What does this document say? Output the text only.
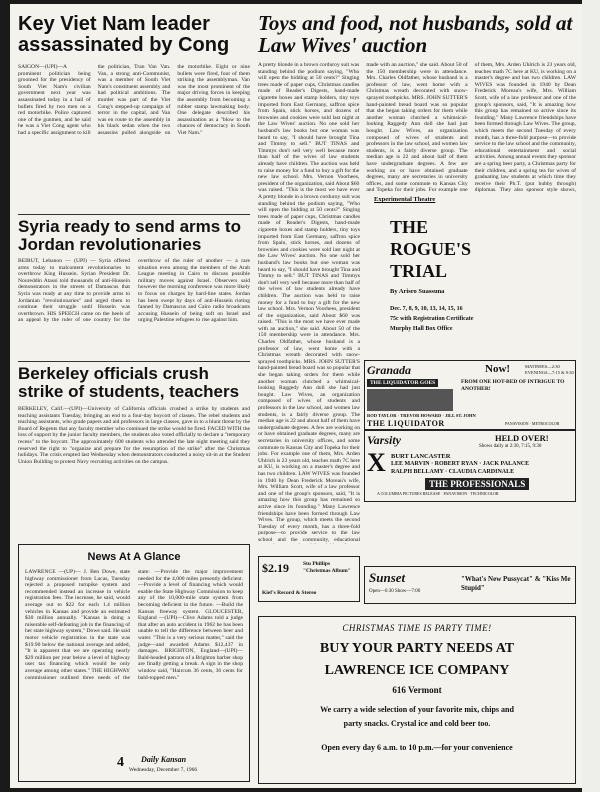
Key Viet Nam leader assassinated by Cong

SAIGON—(UPI)—A prominent politician being groomed for the presidency of South Viet Nam's civilian government next year was assassinated today in a hail of bullets fired by two men on a red motorbike. Police captured one of the gunmen, and he said he was a Viet Cong agent who had a specific assignment to kill the politician, Tran Van Van. Van, a strong anti-Communist, was a member of South Viet Nam's constituent assembly and had political ambitions. The murder was part of the Viet Cong's stepped-up campaign of terror in the capital, and Van was en route to the assembly in his black sedan when the two assassins pulled alongside on the motorbike. Eight or nine bullets were fired, four of them striking the assemblyman. Van was the most prominent of the major driving forces in keeping the assembly from becoming a rubber stamp lawmaking body. One delegate described his assassination as a "blow to the chances of democracy in South Viet Nam."

Syria ready to send arms to Jordan revolutionaries

BEIRUT, Lebanon — (UPI) — Syria offered arms today to malcontent revolutionaries to overthrow King Hussein. Syrian President Dr. Noureddin Atassi told thousands of anti-Hussein demonstrators in the streets of Damascus that Syria was ready at any time to provide arms to Jordanian "revolutionaries" and urged them to continue their struggle until Hussein was overthrown. HIS SPEECH came on the heels of an appeal by the ruler of one country for the overthrow of the ruler of another — a rare situation even among the members of the Arab League meeting in Cairo to discuss possible military moves against Israel. Observers said however the morning conference was more likely to focus on charges by hard-line states. Jordan has been swept by days of anti-Hussein rioting fanned by Damascus and Cairo radio broadcasts accusing Hussein of being soft on Israel and urging Palestine refugees to rise against him.

Berkeley officials crush strike of students, teachers

BERKELEY, Calif.—(UPI)—University of California officials crushed a strike by students and teaching assistants Tuesday, bringing an end to a four-day boycott of classes. The rebel students and teaching assistants, who grade papers and aid professors in large classes, gave in to a blunt threat by the Board of Regents that any faculty member who continued the strike would be fired. FACED WITH the loss of support by the junior faculty members, the students also voted officially to declare a "temporary recess" to the boycott. The approximately 600 students who attended the late night meeting said they reserved the right to "organize and prepare for the resumption of the strike" after the Christmas holidays. The crisis erupted last Wednesday when demonstrators conducted a noisy sit-in at the Student Union Building to protest Navy recruiting activities on the campus.

News At A Glance

LAWRENCE —(UP)— J. Ben Dowe, state highway commissioner from Lucas, Tuesday rejected a proposed turnpike system and recommended instead an increase in vehicle registration fees. The increase, he said, would average out to $22 for each 1.4 million vehicles in Kansas and provide an estimated $30 million annually. "Kansas is doing a miserable self-defeating job in the financing of her state highway system," Dowe said. He said motor vehicle registration in the state was $19.90 below the national average and added, "It is apparent that we are operating nearly $29 million per year below a level of highway user tax financing which would be only average among other states." THE HIGHWAY commissioner outlined three needs of the state: —Provide the major improvement needed for the 4,000 miles presently deficient. —Provide a level of financing which would enable the State Highway Commission to keep any of the 10,000-mile state system from becoming deficient in the future. —Build the Kansas freeway system. GLOUCESTER, England —(UPI)—Clive Adams told a judge that after an auto accident in 1962 he has been unable to tell the difference between beer and water. "This is a very serious matter," said the judge—and awarded Adams $12,437 in damages. BRIGHTON, England—(UPI)—Bald-headed patrons of a Brighton barber shop are finally getting a break. A sign in the shop window said, "Haircuts 36 cents, 36 cents for bald-topped men."

4 Daily Kansan
Wednesday, December 7, 1966
Toys and food, not husbands, sold at Law Wives' auction

A pretty blonde in a brown corduroy suit was standing behind the podium saying, "Who will open the bidding at 50 cents?" Singing trees made of paper cups, Christmas candles made of Reader's Digests, hand-made cigarette boxes and stamp holders, tiny toys imported from East Germany, saffron spice from Spain, stick horses, and dozens of brownies and cookies were sold last night at the Law Wives' auction. No one sold her husband's law books but one woman was heard to say, "I should have brought Tina and Timmy to sell." BUT TINAS and Timmys don't sell very well because more than half of the wives of law students already have children. The auction was held to raise money for a fund to buy a gift for the new law school. Mrs. Vernon Voorhees, president of the organization, said About $60 was raised. "This is the most we have ever made with an auction," she said. About 50 of the 150 membership were in attendance. Mrs. Charles Oldfather, whose husband is a professor of law, went home with a Christmas wreath decorated with snow-sprayed toothpicks. MRS. JOHN SUTTER'S hand-painted bread board was so popular that she began taking orders for them while another woman clutched a whimsical-looking Raggedy Ann doll she had just bought. Law Wives, an organization composed of wives of students and professors in the law school, and women law students, is a fairly diverse group. The median age is 22 and about half of them have undergraduate degrees. A few are working on or have obtained graduate degrees, many are secretaries in university offices, and some commute to Kansas City and Topeka for their jobs. For example one of them, Mrs. Arden Uhlrich is 23 years old, teaches math 7C here at KU, is working on a master's degree and has two children. LAW WIVES was founded in 1940 by Dean Frederick Moreau's wife, Mrs. William Scott, wife of a law professor and one of the group's sponsors, said, "It is amazing how this group has remained so active since its founding." Many Lawrence friendships have been formed through Law Wives. The group, which meets the second Tuesday of every month, has a three-fold purpose—to provide service to the law school and the community, educational entertainment and social activities. Among annual events they sponsor are a spring beer party, a Christmas party for their children, and a spring tea for wives of graduating law students at which time they receive their Ph.T. (put hubby through) diplomas. They also sponsor style shows,

A pretty blonde in a brown corduroy suit was standing behind the podium saying, "Who will open the bidding at 50 cents?" Singing trees made of paper cups, Christmas candles made of Reader's Digests, hand-made cigarette boxes and stamp holders, tiny toys imported from East Germany, saffron spice from Spain, stick horses, and dozens of brownies and cookies were sold last night at the Law Wives' auction. No one sold her husband's law books but one woman was heard to say, "I should have brought Tina and Timmy to sell." BUT TINAS and Timmys don't sell very well because more than half of the wives of law students already have children. The auction was held to raise money for a fund to buy a gift for the new law school. Mrs. Vernon Voorhees, president of the organization, said About $60 was raised. "This is the most we have ever made with an auction," she said. About 50 of the 150 membership were in attendance. Mrs. Charles Oldfather, whose husband is a professor of law, went home with a Christmas wreath decorated with snow-sprayed toothpicks. MRS. JOHN SUTTER'S hand-painted bread board was so popular that she began taking orders for them while another woman clutched a whimsical-looking Raggedy Ann doll she had just bought. Law Wives, an organization composed of wives of students and professors in the law school, and women law students, is a fairly diverse group. The median age is 22 and about half of them have undergraduate degrees. A few are working on or have obtained graduate degrees, many are secretaries in university offices, and some commute to Kansas City and Topeka for their jobs. For example one of them, Mrs. Arden Uhlrich is 23 years old, teaches math 7C here at KU, is working on a master's degree and has two children. LAW WIVES was founded in 1940 by Dean Frederick Moreau's wife, Mrs. William Scott, wife of a law professor and one of the group's sponsors, said, "It is amazing how this group has remained so active since its founding." Many Lawrence friendships have been formed through Law Wives. The group, which meets the second Tuesday of every month, has a three-fold purpose—to provide service to the law school and the community, educational

Experimental Theatre
THE
ROGUE'S
TRIAL
By Arisro Suassuna
Dec. 7, 8, 9, 10, 13, 14, 15, 16
75c with Registration Certificate
Murphy Hall Box Office
Granada	Now!	MATINEES—2:30
EVENINGS—7:15 & 9:30
THE LIQUIDATOR GOES	FROM ONE HOT-BED OF INTRIGUE TO ANOTHER!
ROD TAYLOR · TREVOR HOWARD · JILL ST. JOHN
THE LIQUIDATOR	PANAVISION · METROCOLOR
Varsity	HELD OVER!
Shows daily at 2:30, 7:15, 9:30
X BURT LANCASTER
LEE MARVIN · ROBERT RYAN · JACK PALANCE
RALPH BELLAMY · CLAUDIA CARDINALE
THE PROFESSIONALS
A COLUMBIA PICTURES RELEASE · PANAVISION · TECHNICOLOR
$2.19	Stu Phillips "Christmas Album"
Kief's Record & Stereo
Sunset
Open—6:30 Show—7:00
"What's New Pussycat" & "Kiss Me Stupid"
CHRISTMAS TIME IS PARTY TIME!
BUY YOUR PARTY NEEDS AT
LAWRENCE ICE COMPANY
616 Vermont
We carry a wide selection of your favorite mix, chips and
party snacks. Crystal ice and cold beer too.
Open every day 6 a.m. to 10 p.m.—for your convenience
